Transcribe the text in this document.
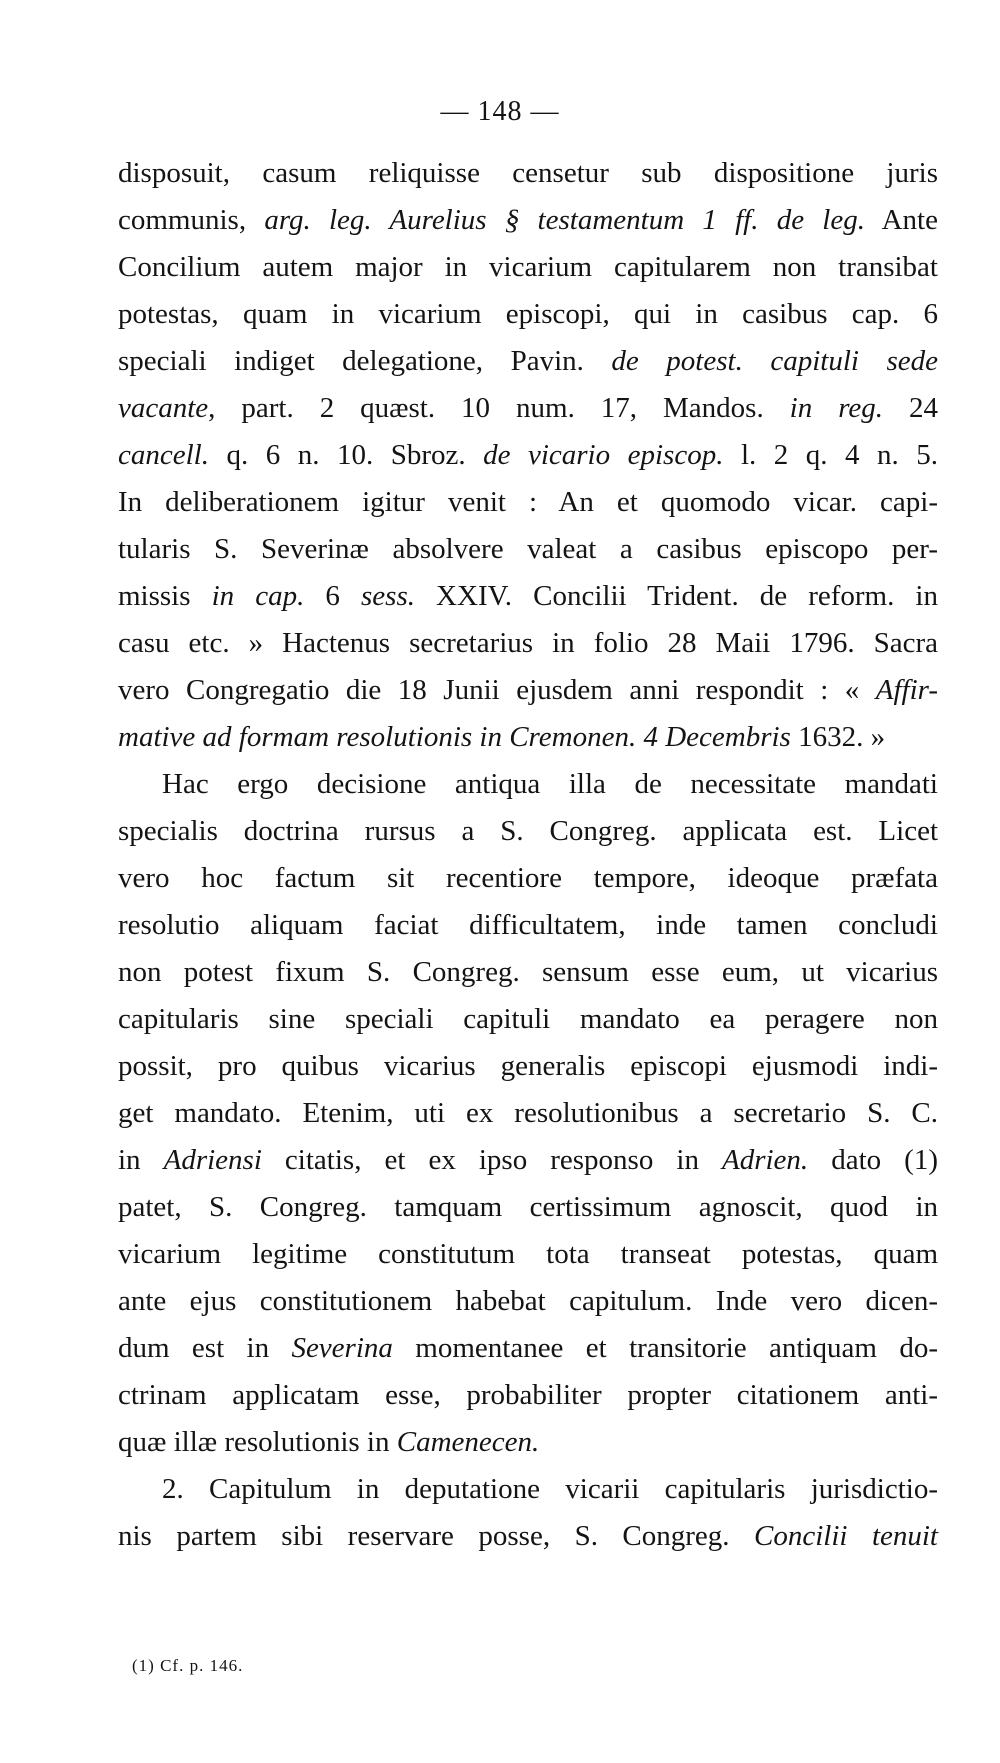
— 148 —
disposuit, casum reliquisse censetur sub dispositione juris
communis, arg. leg. Aurelius § testamentum 1 ff. de leg. Ante
Concilium autem major in vicarium capitularem non transibat
potestas, quam in vicarium episcopi, qui in casibus cap. 6
speciali indiget delegatione, Pavin. de potest. capituli sede
vacante, part. 2 quæst. 10 num. 17, Mandos. in reg. 24
cancell. q. 6 n. 10. Sbroz. de vicario episcop. l. 2 q. 4 n. 5.
In deliberationem igitur venit : An et quomodo vicar. capi-
tularis S. Severinæ absolvere valeat a casibus episcopo per-
missis in cap. 6 sess. XXIV. Concilii Trident. de reform. in
casu etc. » Hactenus secretarius in folio 28 Maii 1796. Sacra
vero Congregatio die 18 Junii ejusdem anni respondit : « Affir-
mative ad formam resolutionis in Cremonen. 4 Decembris 1632. »
Hac ergo decisione antiqua illa de necessitate mandati
specialis doctrina rursus a S. Congreg. applicata est. Licet
vero hoc factum sit recentiore tempore, ideoque præfata
resolutio aliquam faciat difficultatem, inde tamen concludi
non potest fixum S. Congreg. sensum esse eum, ut vicarius
capitularis sine speciali capituli mandato ea peragere non
possit, pro quibus vicarius generalis episcopi ejusmodi indi-
get mandato. Etenim, uti ex resolutionibus a secretario S. C.
in Adriensi citatis, et ex ipso responso in Adrien. dato (1)
patet, S. Congreg. tamquam certissimum agnoscit, quod in
vicarium legitime constitutum tota transeat potestas, quam
ante ejus constitutionem habebat capitulum. Inde vero dicen-
dum est in Severina momentanee et transitorie antiquam do-
ctrinam applicatam esse, probabiliter propter citationem anti-
quæ illæ resolutionis in Camenecen.
2. Capitulum in deputatione vicarii capitularis jurisdictio-
nis partem sibi reservare posse, S. Congreg. Concilii tenuit
(1) Cf. p. 146.
